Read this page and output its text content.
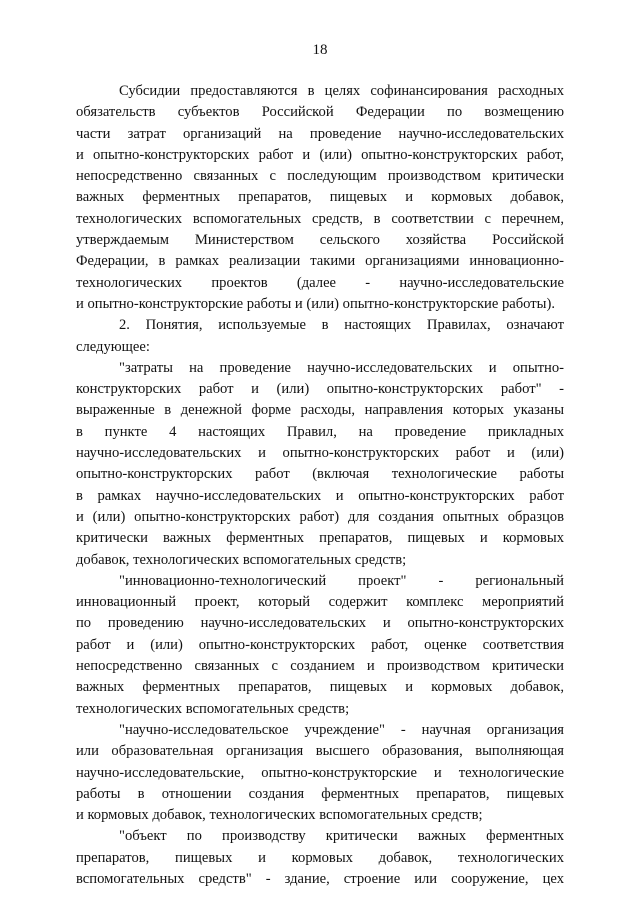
18
Субсидии предоставляются в целях софинансирования расходных
обязательств субъектов Российской Федерации по возмещению
части затрат организаций на проведение научно-исследовательских
и опытно-конструкторских работ и (или) опытно-конструкторских работ,
непосредственно связанных с последующим производством критически
важных ферментных препаратов, пищевых и кормовых добавок,
технологических вспомогательных средств, в соответствии с перечнем,
утверждаемым Министерством сельского хозяйства Российской
Федерации, в рамках реализации такими организациями инновационно-
технологических проектов (далее - научно-исследовательские
и опытно-конструкторские работы и (или) опытно-конструкторские работы).
2. Понятия, используемые в настоящих Правилах, означают
следующее:
"затраты на проведение научно-исследовательских и опытно-
конструкторских работ и (или) опытно-конструкторских работ" -
выраженные в денежной форме расходы, направления которых указаны
в пункте 4 настоящих Правил, на проведение прикладных
научно-исследовательских и опытно-конструкторских работ и (или)
опытно-конструкторских работ (включая технологические работы
в рамках научно-исследовательских и опытно-конструкторских работ
и (или) опытно-конструкторских работ) для создания опытных образцов
критически важных ферментных препаратов, пищевых и кормовых
добавок, технологических вспомогательных средств;
"инновационно-технологический проект" - региональный
инновационный проект, который содержит комплекс мероприятий
по проведению научно-исследовательских и опытно-конструкторских
работ и (или) опытно-конструкторских работ, оценке соответствия
непосредственно связанных с созданием и производством критически
важных ферментных препаратов, пищевых и кормовых добавок,
технологических вспомогательных средств;
"научно-исследовательское учреждение" - научная организация
или образовательная организация высшего образования, выполняющая
научно-исследовательские, опытно-конструкторские и технологические
работы в отношении создания ферментных препаратов, пищевых
и кормовых добавок, технологических вспомогательных средств;
"объект по производству критически важных ферментных
препаратов, пищевых и кормовых добавок, технологических
вспомогательных средств" - здание, строение или сооружение, цех
